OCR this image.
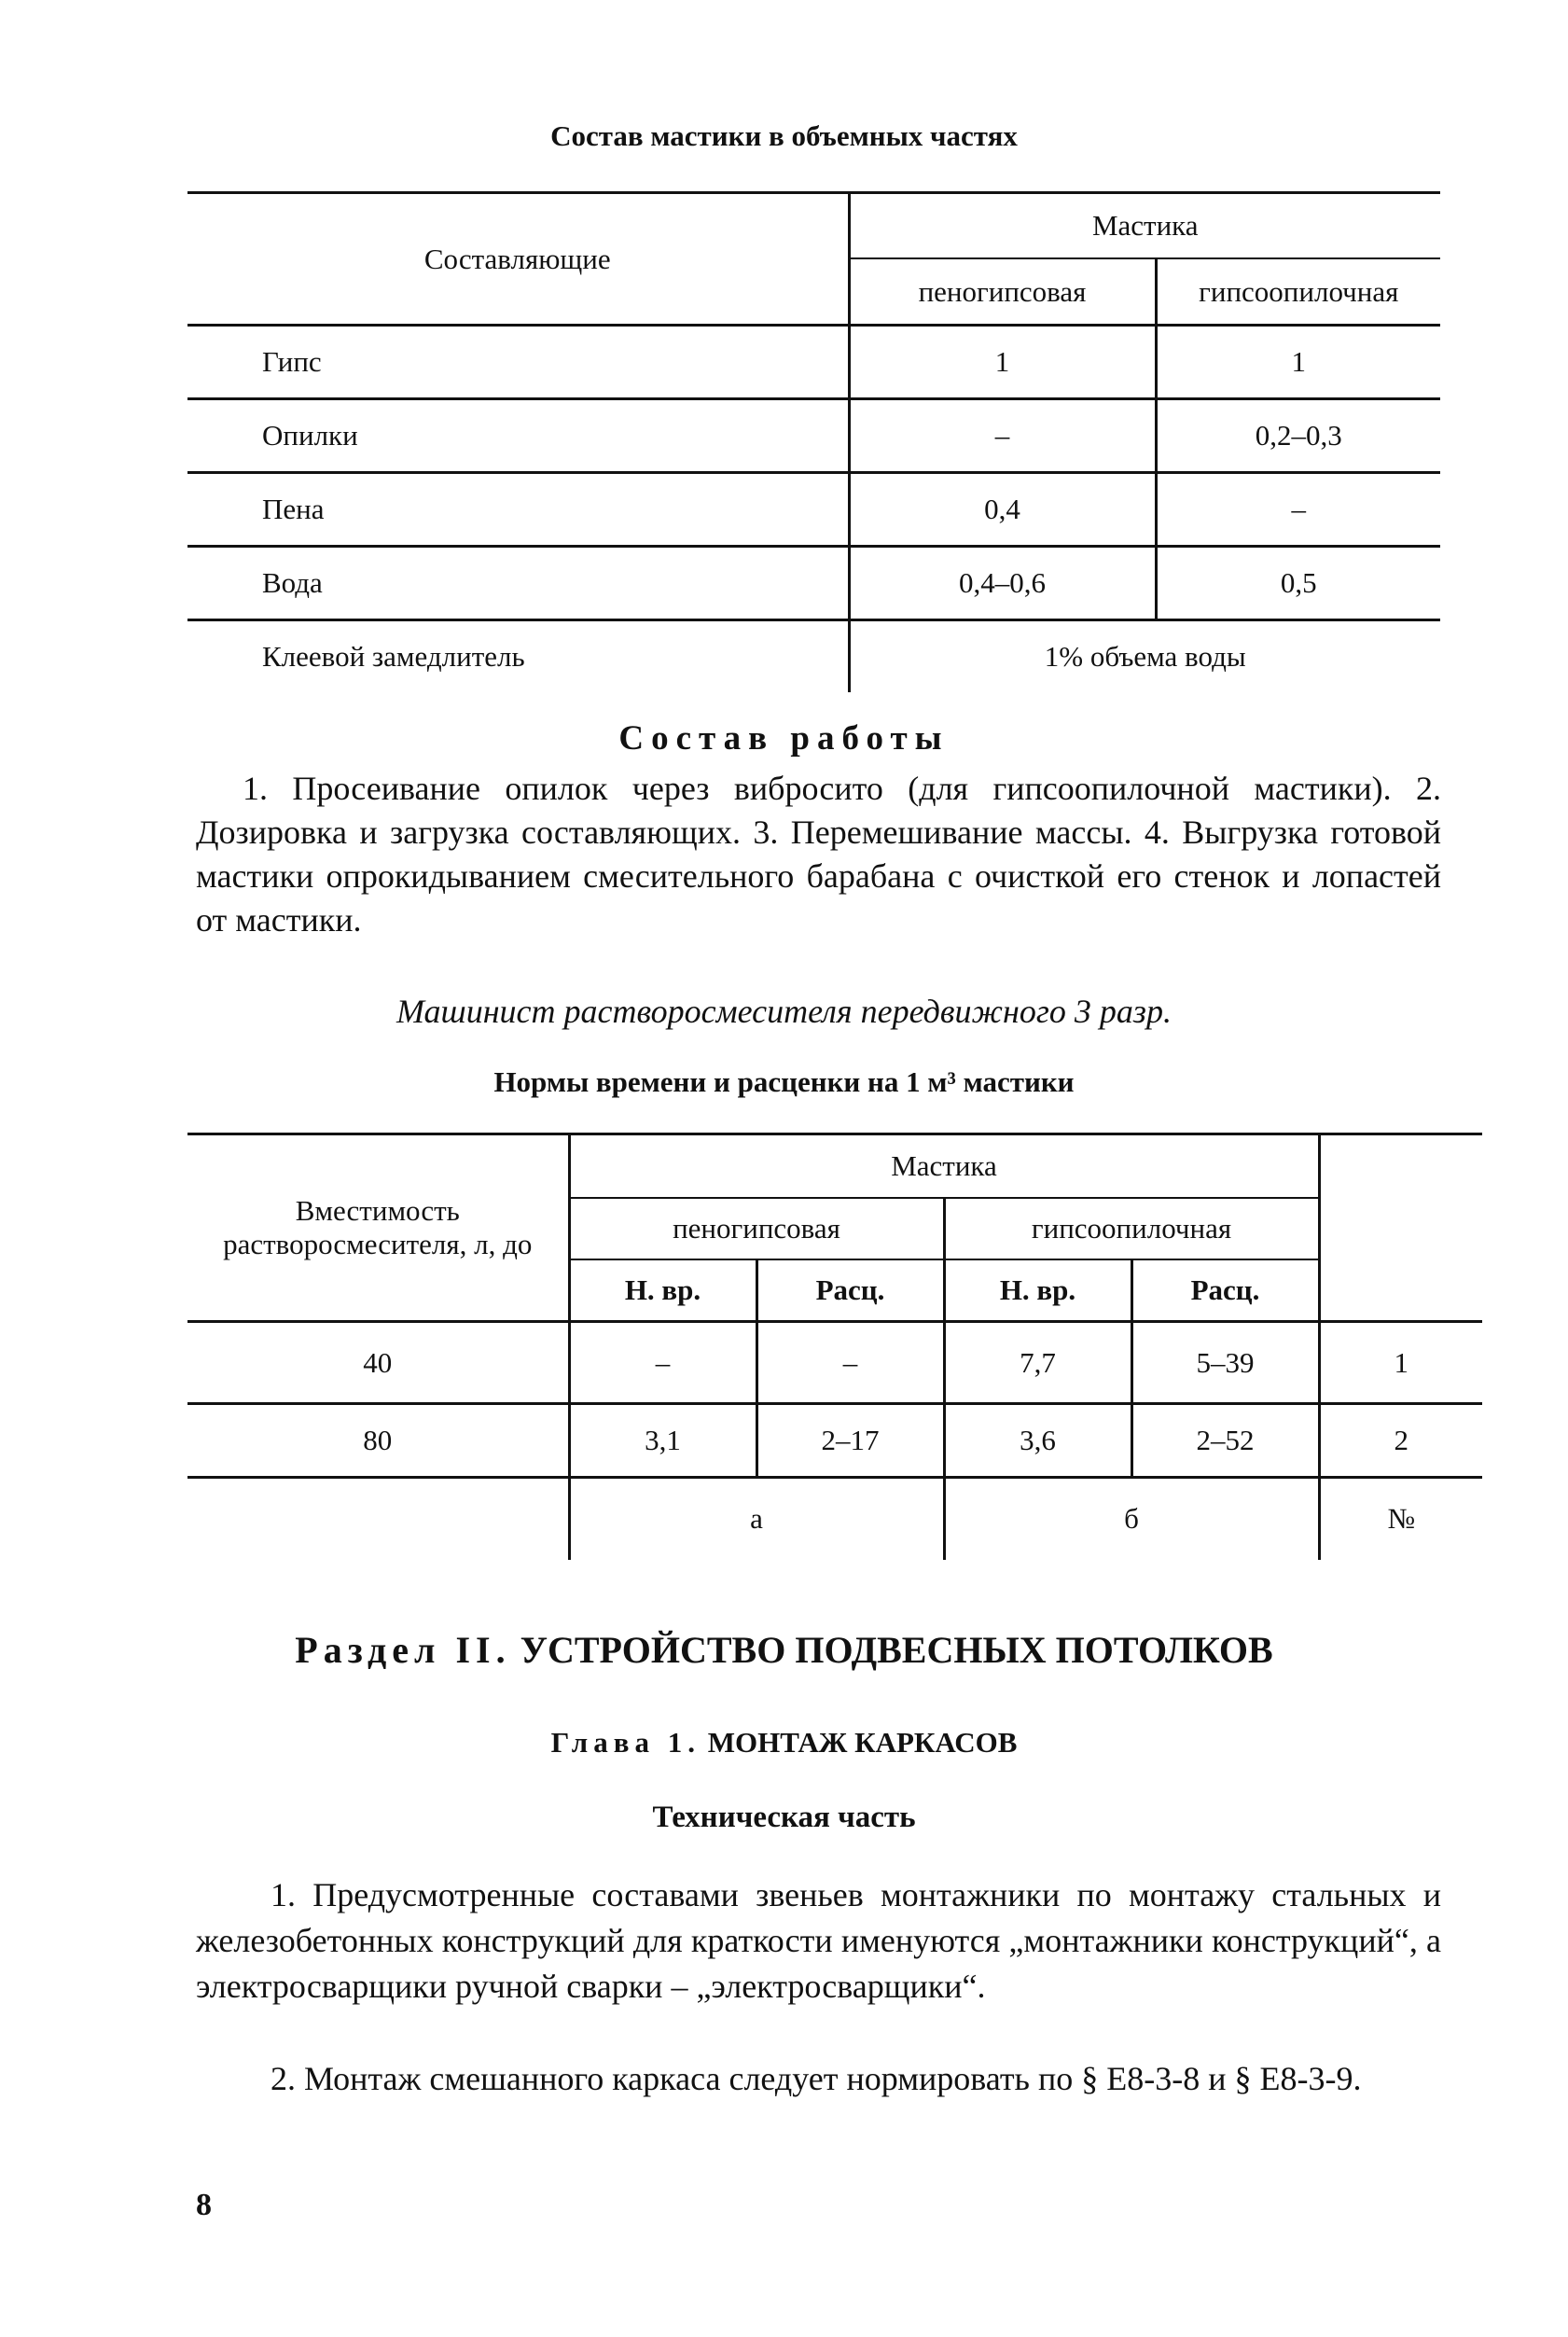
Состав мастики в объемных частях
Составляющие	Мастика	
	пеногипсовая	гипсоопилочная
Гипс	1	1
Опилки	–	0,2–0,3
Пена	0,4	–
Вода	0,4–0,6	0,5
Клеевой замедлитель	1% объема воды	
Состав работы
1. Просеивание опилок через вибросито (для гипсоопилочной мастики). 2. Дозировка и загрузка составляющих. 3. Перемешивание массы. 4. Выгрузка готовой мастики опрокидыванием смесительного барабана с очисткой его стенок и лопастей от мастики.
Машинист растворосмесителя передвижного 3 разр.
Нормы времени и расценки на 1 м³ мастики
Вместимость растворосмесителя, л, до	Мастика				
	пеногипсовая		гипсоопилочная		
	Н. вр.	Расц.	Н. вр.	Расц.	
40	–	–	7,7	5–39	1
80	3,1	2–17	3,6	2–52	2
	а		б		№
Раздел II. УСТРОЙСТВО ПОДВЕСНЫХ ПОТОЛКОВ
Глава 1. МОНТАЖ КАРКАСОВ
Техническая часть
1. Предусмотренные составами звеньев монтажники по монтажу стальных и железобетонных конструкций для краткости именуются „монтажники конструкций“, а электросварщики ручной сварки – „электросварщики“.
2. Монтаж смешанного каркаса следует нормировать по § Е8-3-8 и § Е8-3-9.
8
